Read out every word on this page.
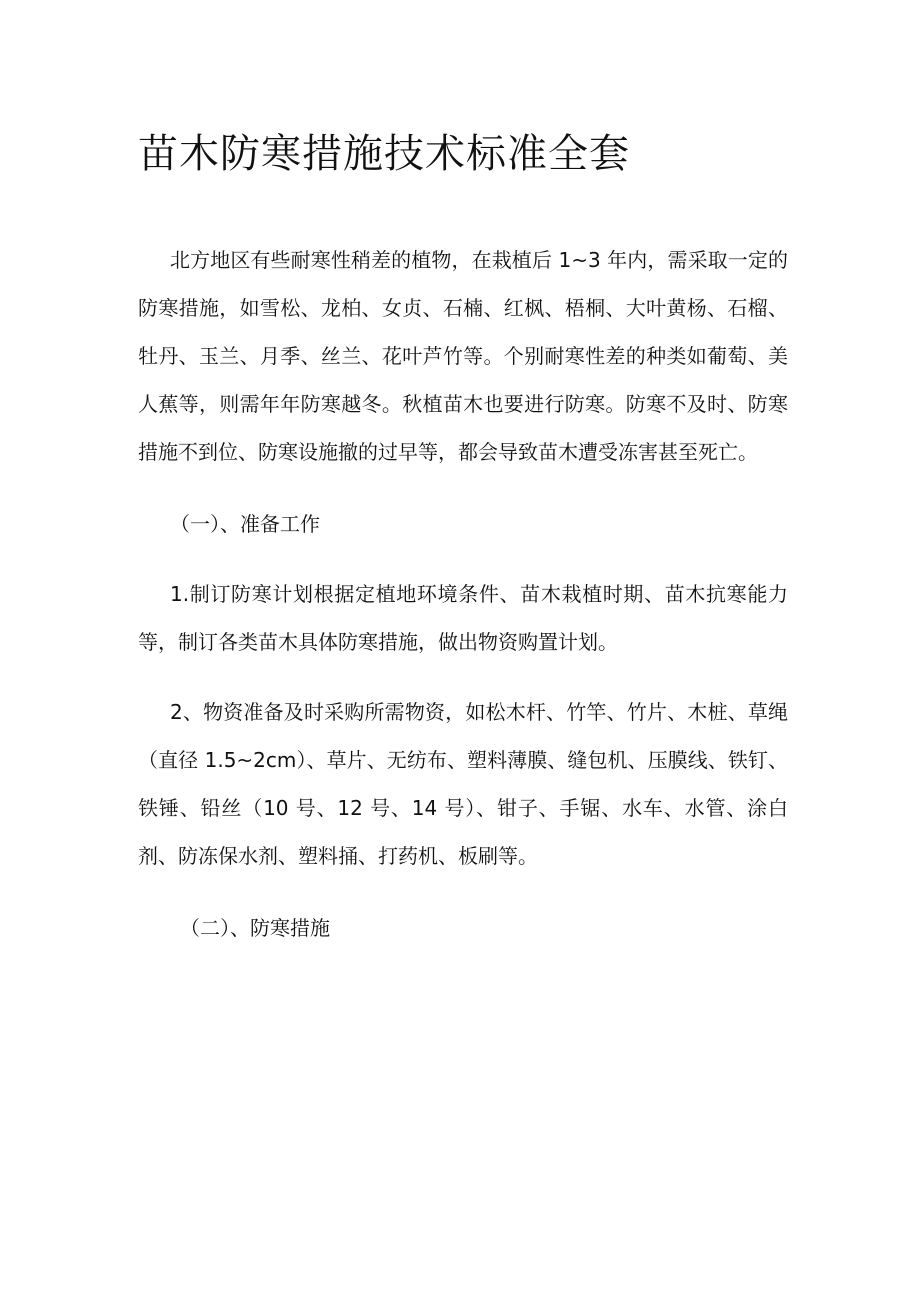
苗木防寒措施技术标准全套

北方地区有些耐寒性稍差的植物，在栽植后 1~3 年内，需采取一定的防寒措施，如雪松、龙柏、女贞、石楠、红枫、梧桐、大叶黄杨、石榴、牡丹、玉兰、月季、丝兰、花叶芦竹等。个别耐寒性差的种类如葡萄、美人蕉等，则需年年防寒越冬。秋植苗木也要进行防寒。防寒不及时、防寒措施不到位、防寒设施撤的过早等，都会导致苗木遭受冻害甚至死亡。

（一）、准备工作

1.制订防寒计划根据定植地环境条件、苗木栽植时期、苗木抗寒能力等，制订各类苗木具体防寒措施，做出物资购置计划。

2、物资准备及时采购所需物资，如松木杆、竹竿、竹片、木桩、草绳（直径 1.5~2cm）、草片、无纺布、塑料薄膜、缝包机、压膜线、铁钉、铁锤、铅丝（10 号、12 号、14 号）、钳子、手锯、水车、水管、涂白剂、防冻保水剂、塑料捅、打药机、板刷等。

（二）、防寒措施
